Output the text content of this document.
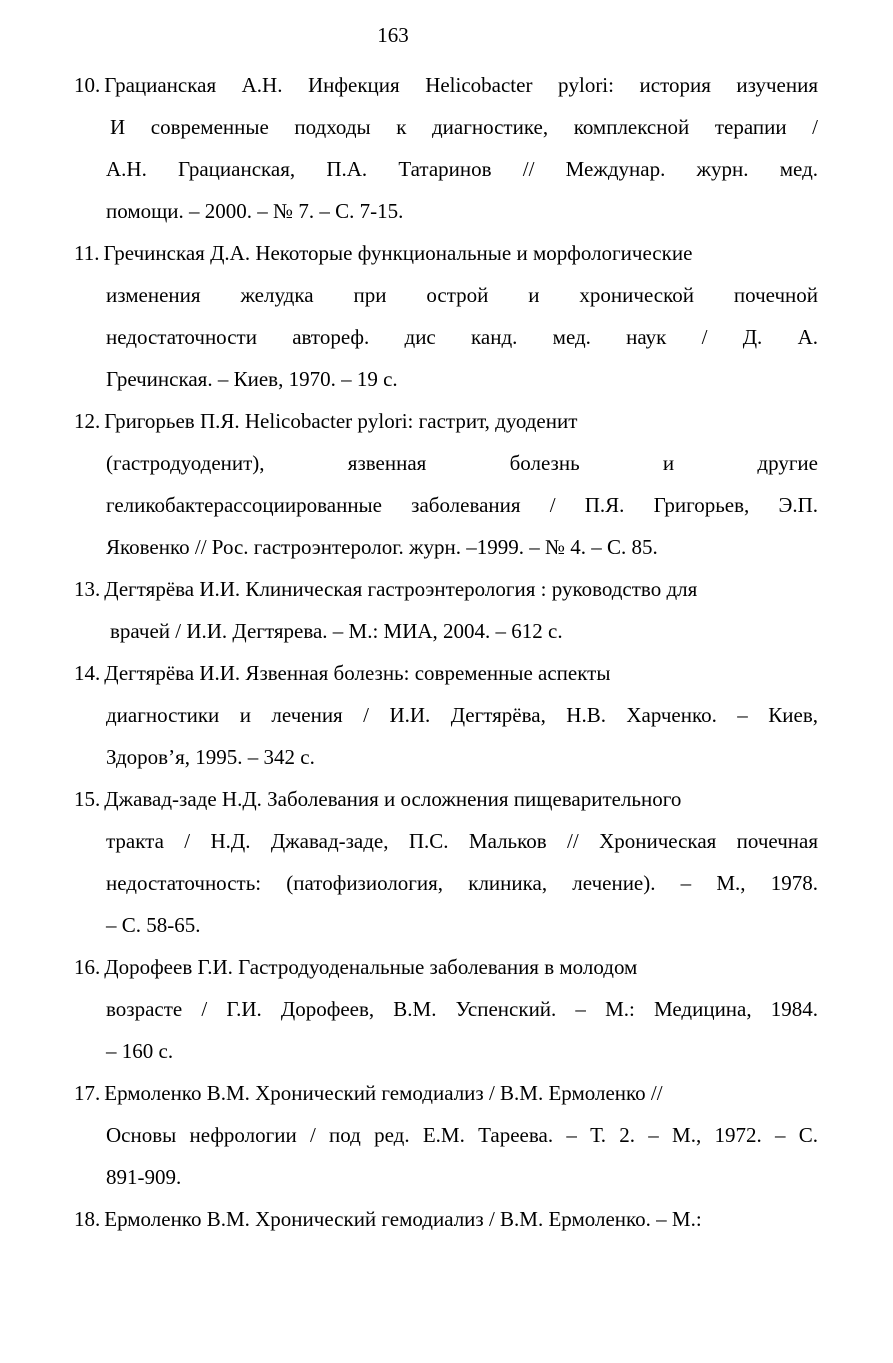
163
10. Грацианская А.Н. Инфекция Helicobacter pylori: история изучения
И современные подходы к диагностике, комплексной терапии /
А.Н. Грацианская, П.А. Татаринов // Междунар. журн. мед.
помощи. – 2000. – № 7. – С. 7-15.
11. Гречинская Д.А. Некоторые функциональные и морфологические
изменения желудка при острой и хронической почечной
недостаточности автореф. дис канд. мед. наук / Д. А.
Гречинская. – Киев, 1970. – 19 с.
12. Григорьев П.Я. Helicobacter pylori: гастрит, дуоденит
(гастродуоденит), язвенная болезнь и другие
геликобактерассоциированные заболевания / П.Я. Григорьев, Э.П.
Яковенко // Рос. гастроэнтеролог. журн. –1999. – № 4. – С. 85.
13. Дегтярёва И.И. Клиническая гастроэнтерология : руководство для
врачей / И.И. Дегтярева. – М.: МИА, 2004. – 612 с.
14. Дегтярёва И.И. Язвенная болезнь: современные аспекты
диагностики и лечения / И.И. Дегтярёва, Н.В. Харченко. – Киев,
Здоров’я, 1995. – 342 с.
15. Джавад-заде Н.Д. Заболевания и осложнения пищеварительного
тракта / Н.Д. Джавад-заде, П.С. Мальков // Хроническая почечная
недостаточность: (патофизиология, клиника, лечение). – М., 1978.
– С. 58-65.
16. Дорофеев Г.И. Гастродуоденальные заболевания в молодом
возрасте / Г.И. Дорофеев, В.М. Успенский. – М.: Медицина, 1984.
– 160 с.
17. Ермоленко В.М. Хронический гемодиализ / В.М. Ермоленко //
Основы нефрологии / под ред. Е.М. Тареева. – Т. 2. – М., 1972. – С.
891-909.
18. Ермоленко В.М. Хронический гемодиализ / В.М. Ермоленко. – М.:
